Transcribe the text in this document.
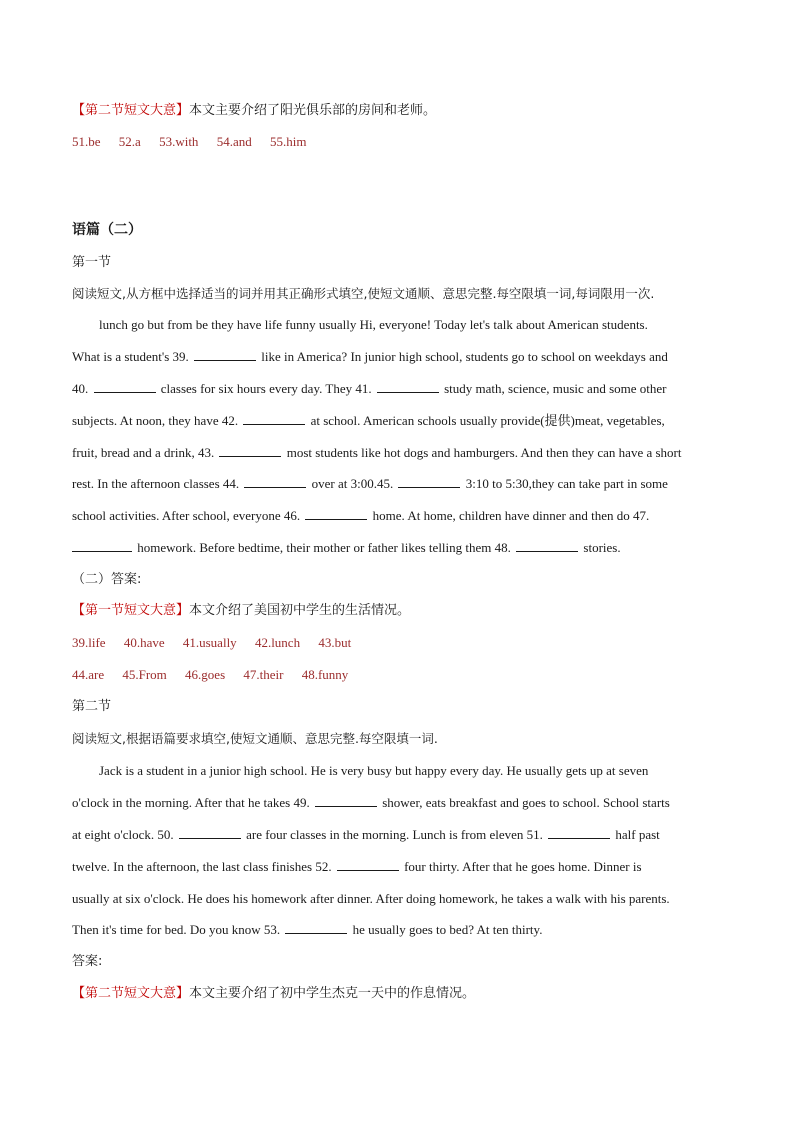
【第二节短文大意】本文主要介绍了阳光俱乐部的房间和老师。
51.be 52.a 53.with 54.and 55.him
语篇（二）
第一节
阅读短文,从方框中选择适当的词并用其正确形式填空,使短文通顺、意思完整.每空限填一词,每词限用一次.
lunch go but from be they have life funny usually Hi, everyone! Today let's talk about American students.
What is a student's 39.	like in America? In junior high school, students go to school on weekdays and
40.	classes for six hours every day. They 41.	study math, science, music and some other
subjects. At noon, they have 42.	at school. American schools usually provide(提供)meat, vegetables,
fruit, bread and a drink, 43.	most students like hot dogs and hamburgers. And then they can have a short
rest. In the afternoon classes 44.	over at 3:00.45.	3:10 to 5:30,they can take part in some
school activities. After school, everyone 46.	home. At home, children have dinner and then do 47.
homework. Before bedtime, their mother or father likes telling them 48.	stories.
（二）答案:
【第一节短文大意】本文介绍了美国初中学生的生活情况。
39.life 40.have 41.usually 42.lunch 43.but
44.are 45.From 46.goes 47.their 48.funny
第二节
阅读短文,根据语篇要求填空,使短文通顺、意思完整.每空限填一词.
Jack is a student in a junior high school. He is very busy but happy every day. He usually gets up at seven
o'clock in the morning. After that he takes 49.	shower, eats breakfast and goes to school. School starts
at eight o'clock. 50.	are four classes in the morning. Lunch is from eleven 51.	half past
twelve. In the afternoon, the last class finishes 52.	four thirty. After that he goes home. Dinner is
usually at six o'clock. He does his homework after dinner. After doing homework, he takes a walk with his parents.
Then it's time for bed. Do you know 53.	he usually goes to bed? At ten thirty.
答案:
【第二节短文大意】本文主要介绍了初中学生杰克一天中的作息情况。
